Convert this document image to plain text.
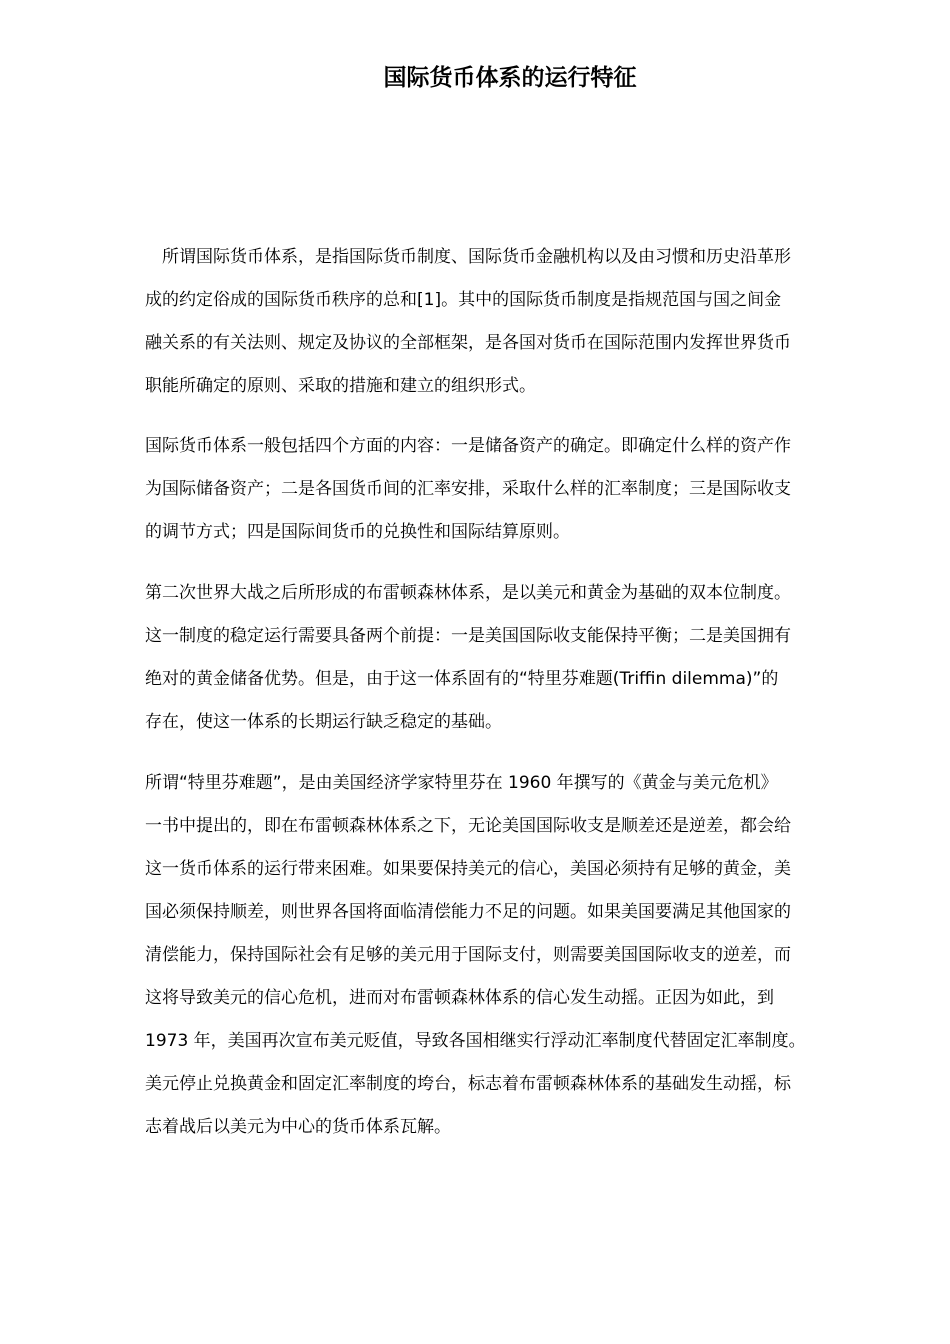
国际货币体系的运行特征
所谓国际货币体系，是指国际货币制度、国际货币金融机构以及由习惯和历史沿革形
成的约定俗成的国际货币秩序的总和[1]。其中的国际货币制度是指规范国与国之间金
融关系的有关法则、规定及协议的全部框架，是各国对货币在国际范围内发挥世界货币
职能所确定的原则、采取的措施和建立的组织形式。
国际货币体系一般包括四个方面的内容：一是储备资产的确定。即确定什么样的资产作
为国际储备资产；二是各国货币间的汇率安排，采取什么样的汇率制度；三是国际收支
的调节方式；四是国际间货币的兑换性和国际结算原则。
第二次世界大战之后所形成的布雷顿森林体系，是以美元和黄金为基础的双本位制度。
这一制度的稳定运行需要具备两个前提：一是美国国际收支能保持平衡；二是美国拥有
绝对的黄金储备优势。但是，由于这一体系固有的“特里芬难题(Triffin dilemma)”的
存在，使这一体系的长期运行缺乏稳定的基础。
所谓“特里芬难题”，是由美国经济学家特里芬在 1960 年撰写的《黄金与美元危机》
一书中提出的，即在布雷顿森林体系之下，无论美国国际收支是顺差还是逆差，都会给
这一货币体系的运行带来困难。如果要保持美元的信心，美国必须持有足够的黄金，美
国必须保持顺差，则世界各国将面临清偿能力不足的问题。如果美国要满足其他国家的
清偿能力，保持国际社会有足够的美元用于国际支付，则需要美国国际收支的逆差，而
这将导致美元的信心危机，进而对布雷顿森林体系的信心发生动摇。正因为如此，到
1973 年，美国再次宣布美元贬值，导致各国相继实行浮动汇率制度代替固定汇率制度。
美元停止兑换黄金和固定汇率制度的垮台，标志着布雷顿森林体系的基础发生动摇，标
志着战后以美元为中心的货币体系瓦解。
